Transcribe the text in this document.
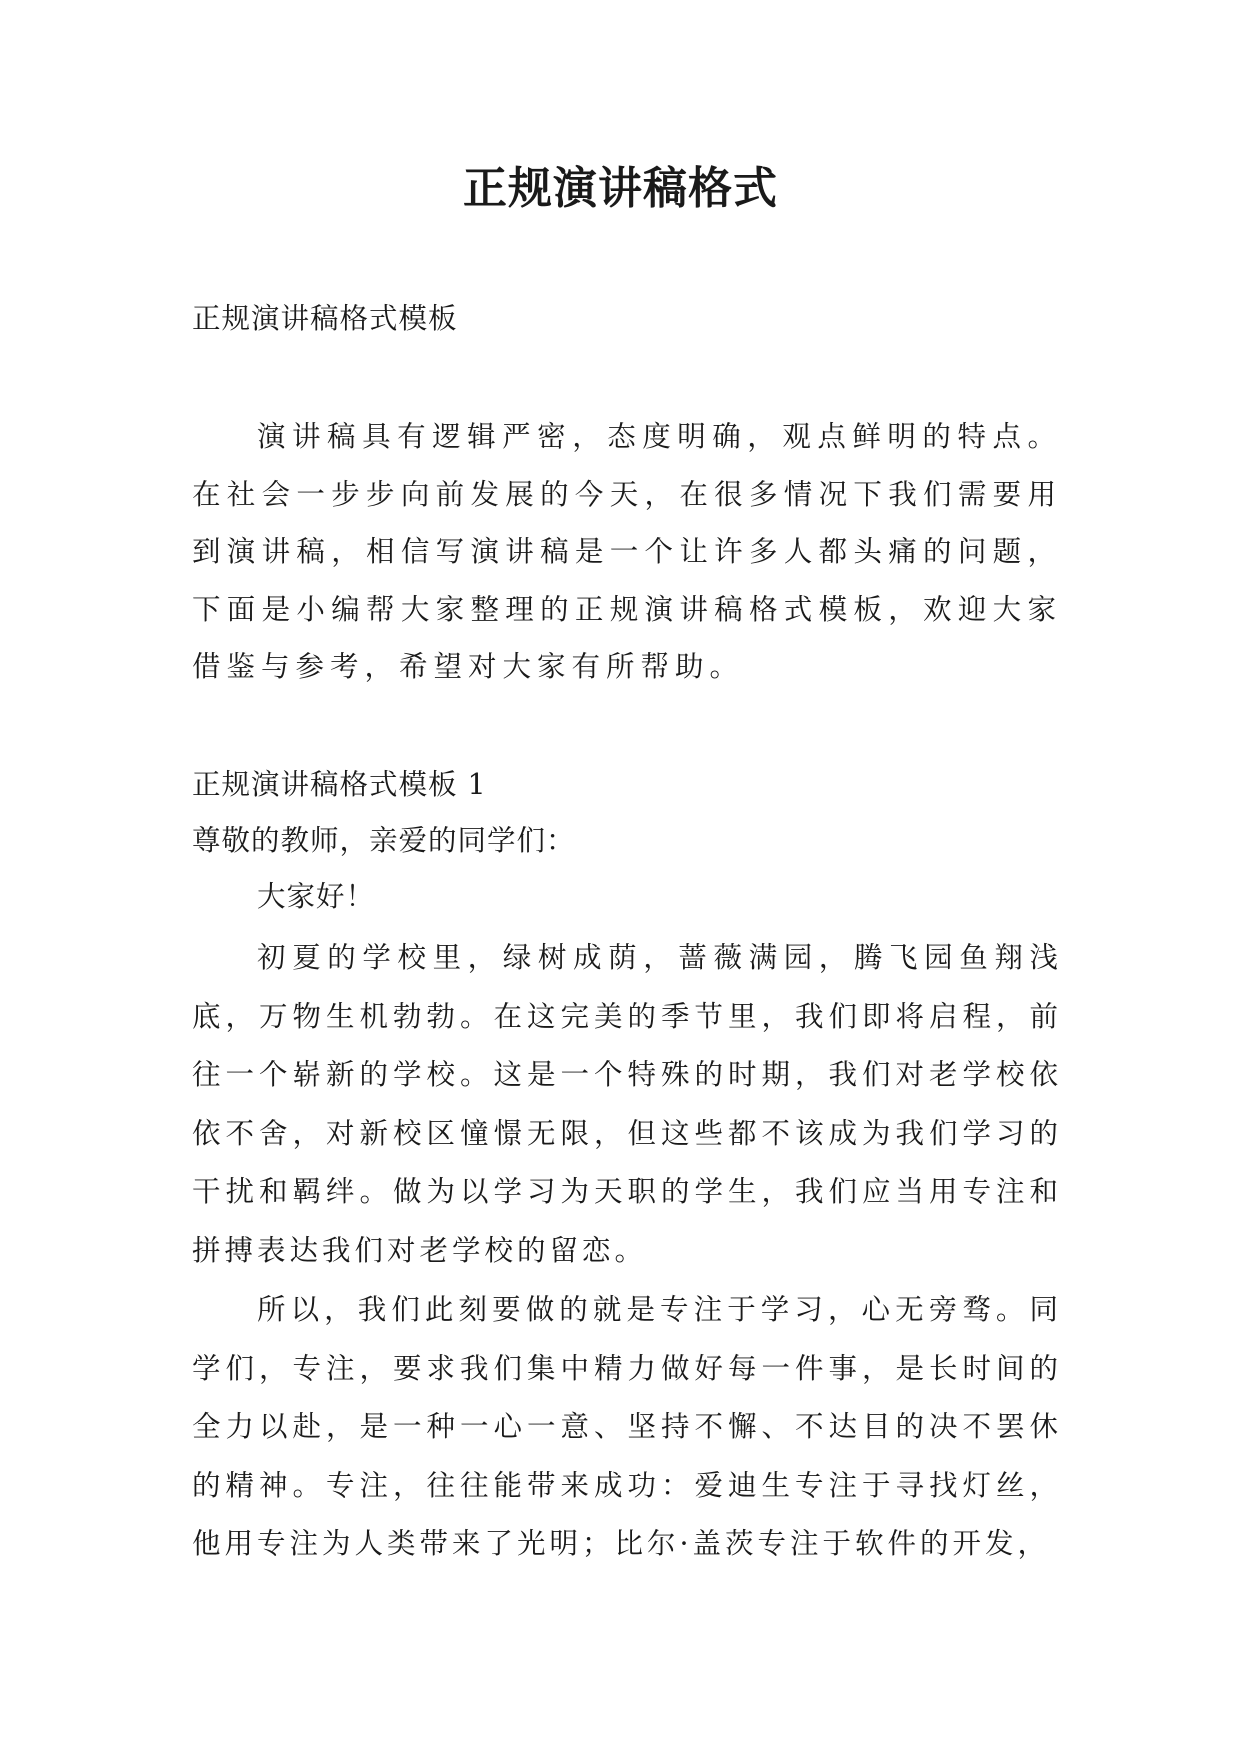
正规演讲稿格式

正规演讲稿格式模板

演讲稿具有逻辑严密，态度明确，观点鲜明的特点。在社会一步步向前发展的今天，在很多情况下我们需要用到演讲稿，相信写演讲稿是一个让许多人都头痛的问题，下面是小编帮大家整理的正规演讲稿格式模板，欢迎大家借鉴与参考，希望对大家有所帮助。

正规演讲稿格式模板 1

尊敬的教师，亲爱的同学们：

大家好！

初夏的学校里，绿树成荫，蔷薇满园，腾飞园鱼翔浅底，万物生机勃勃。在这完美的季节里，我们即将启程，前往一个崭新的学校。这是一个特殊的时期，我们对老学校依依不舍，对新校区憧憬无限，但这些都不该成为我们学习的干扰和羁绊。做为以学习为天职的学生，我们应当用专注和拼搏表达我们对老学校的留恋。

所以，我们此刻要做的就是专注于学习，心无旁骛。同学们，专注，要求我们集中精力做好每一件事，是长时间的全力以赴，是一种一心一意、坚持不懈、不达目的决不罢休的精神。专注，往往能带来成功：爱迪生专注于寻找灯丝，他用专注为人类带来了光明；比尔·盖茨专注于软件的开发，
